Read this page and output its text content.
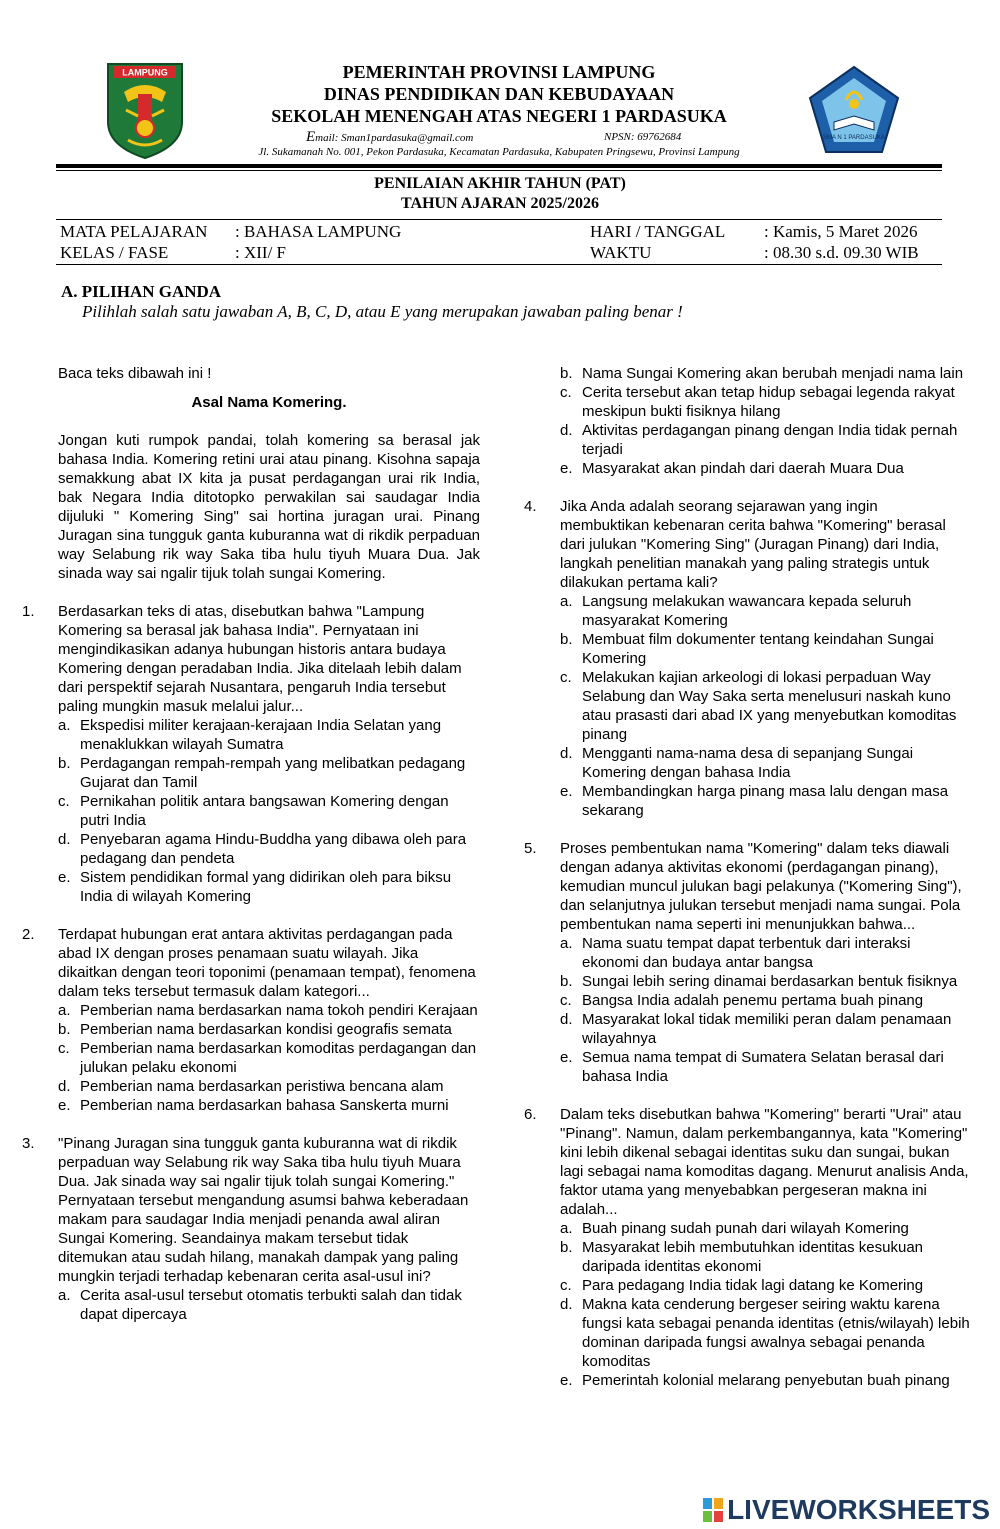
LAMPUNG
SMA N 1 PARDASUKA
PEMERINTAH PROVINSI LAMPUNG
DINAS PENDIDIKAN DAN KEBUDAYAAN
SEKOLAH MENENGAH ATAS NEGERI 1 PARDASUKA
Email: Sman1pardasuka@gmail.com	NPSN: 69762684
Jl. Sukamanah No. 001, Pekon Pardasuka, Kecamatan Pardasuka, Kabupaten Pringsewu, Provinsi Lampung
PENILAIAN AKHIR TAHUN (PAT)
TAHUN AJARAN 2025/2026
MATA PELAJARAN : BAHASA LAMPUNG	HARI / TANGGAL : Kamis, 5 Maret 2026
KELAS / FASE	: XII/ F	WAKTU	: 08.30 s.d. 09.30 WIB
A. PILIHAN GANDA
Pilihlah salah satu jawaban A, B, C, D, atau E yang merupakan jawaban paling benar !

Baca teks dibawah ini !

Asal Nama Komering.

Jongan kuti rumpok pandai, tolah komering sa berasal jak bahasa India. Komering retini urai atau pinang. Kisohna sapaja semakkung abat IX kita ja pusat perdagangan urai rik India, bak Negara India ditotopko perwakilan sai saudagar India dijuluki " Komering Sing" sai hortina juragan urai. Pinang Juragan sina tungguk ganta kuburanna wat di rikdik perpaduan way Selabung rik way Saka tiba hulu tiyuh Muara Dua. Jak sinada way sai ngalir tijuk tolah sungai Komering.

1.	Berdasarkan teks di atas, disebutkan bahwa "Lampung Komering sa berasal jak bahasa India". Pernyataan ini mengindikasikan adanya hubungan historis antara budaya Komering dengan peradaban India. Jika ditelaah lebih dalam dari perspektif sejarah Nusantara, pengaruh India tersebut paling mungkin masuk melalui jalur...
a. Ekspedisi militer kerajaan-kerajaan India Selatan yang menaklukkan wilayah Sumatra
b. Perdagangan rempah-rempah yang melibatkan pedagang Gujarat dan Tamil
c. Pernikahan politik antara bangsawan Komering dengan putri India
d. Penyebaran agama Hindu-Buddha yang dibawa oleh para pedagang dan pendeta
e. Sistem pendidikan formal yang didirikan oleh para biksu India di wilayah Komering
2.	Terdapat hubungan erat antara aktivitas perdagangan pada abad IX dengan proses penamaan suatu wilayah. Jika dikaitkan dengan teori toponimi (penamaan tempat), fenomena dalam teks tersebut termasuk dalam kategori...
a. Pemberian nama berdasarkan nama tokoh pendiri Kerajaan
b. Pemberian nama berdasarkan kondisi geografis semata
c. Pemberian nama berdasarkan komoditas perdagangan dan julukan pelaku ekonomi
d. Pemberian nama berdasarkan peristiwa bencana alam
e. Pemberian nama berdasarkan bahasa Sanskerta murni
3.	"Pinang Juragan sina tungguk ganta kuburanna wat di rikdik perpaduan way Selabung rik way Saka tiba hulu tiyuh Muara Dua. Jak sinada way sai ngalir tijuk tolah sungai Komering." Pernyataan tersebut mengandung asumsi bahwa keberadaan makam para saudagar India menjadi penanda awal aliran Sungai Komering. Seandainya makam tersebut tidak ditemukan atau sudah hilang, manakah dampak yang paling mungkin terjadi terhadap kebenaran cerita asal-usul ini?
a. Cerita asal-usul tersebut otomatis terbukti salah dan tidak dapat dipercaya
b. Nama Sungai Komering akan berubah menjadi nama lain
c. Cerita tersebut akan tetap hidup sebagai legenda rakyat meskipun bukti fisiknya hilang
d. Aktivitas perdagangan pinang dengan India tidak pernah terjadi
e. Masyarakat akan pindah dari daerah Muara Dua
4.	Jika Anda adalah seorang sejarawan yang ingin membuktikan kebenaran cerita bahwa "Komering" berasal dari julukan "Komering Sing" (Juragan Pinang) dari India, langkah penelitian manakah yang paling strategis untuk dilakukan pertama kali?
a. Langsung melakukan wawancara kepada seluruh masyarakat Komering
b. Membuat film dokumenter tentang keindahan Sungai Komering
c. Melakukan kajian arkeologi di lokasi perpaduan Way Selabung dan Way Saka serta menelusuri naskah kuno atau prasasti dari abad IX yang menyebutkan komoditas pinang
d. Mengganti nama-nama desa di sepanjang Sungai Komering dengan bahasa India
e. Membandingkan harga pinang masa lalu dengan masa sekarang
5.	Proses pembentukan nama "Komering" dalam teks diawali dengan adanya aktivitas ekonomi (perdagangan pinang), kemudian muncul julukan bagi pelakunya ("Komering Sing"), dan selanjutnya julukan tersebut menjadi nama sungai. Pola pembentukan nama seperti ini menunjukkan bahwa...
a. Nama suatu tempat dapat terbentuk dari interaksi ekonomi dan budaya antar bangsa
b. Sungai lebih sering dinamai berdasarkan bentuk fisiknya
c. Bangsa India adalah penemu pertama buah pinang
d. Masyarakat lokal tidak memiliki peran dalam penamaan wilayahnya
e. Semua nama tempat di Sumatera Selatan berasal dari bahasa India
6.	Dalam teks disebutkan bahwa "Komering" berarti "Urai" atau "Pinang". Namun, dalam perkembangannya, kata "Komering" kini lebih dikenal sebagai identitas suku dan sungai, bukan lagi sebagai nama komoditas dagang. Menurut analisis Anda, faktor utama yang menyebabkan pergeseran makna ini adalah...
a. Buah pinang sudah punah dari wilayah Komering
b. Masyarakat lebih membutuhkan identitas kesukuan daripada identitas ekonomi
c. Para pedagang India tidak lagi datang ke Komering
d. Makna kata cenderung bergeser seiring waktu karena fungsi kata sebagai penanda identitas (etnis/wilayah) lebih dominan daripada fungsi awalnya sebagai penanda komoditas
e. Pemerintah kolonial melarang penyebutan buah pinang
LIVEWORKSHEETS
